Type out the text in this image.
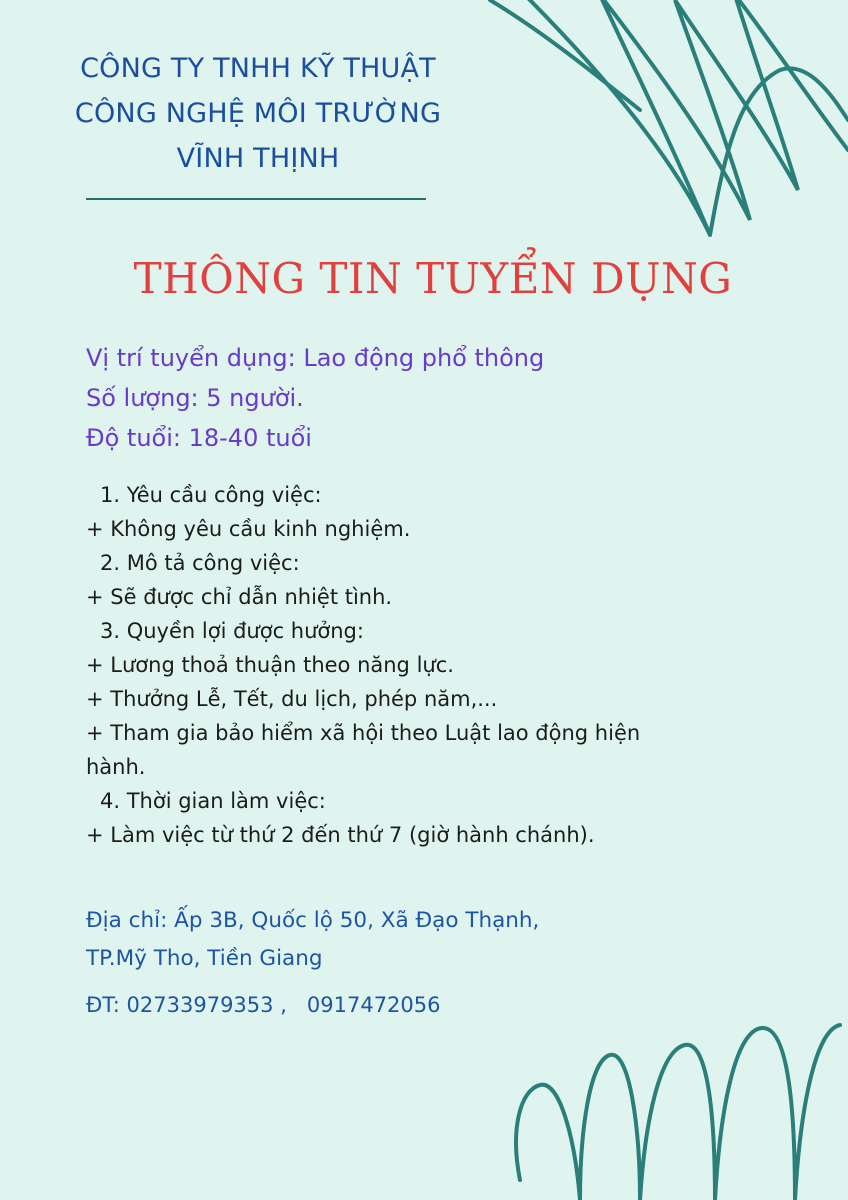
CÔNG TY TNHH KỸ THUẬT
CÔNG NGHỆ MÔI TRƯỜNG
VĨNH THỊNH
THÔNG TIN TUYỂN DỤNG
Vị trí tuyển dụng: Lao động phổ thông
Số lượng: 5 người.
Độ tuổi: 18-40 tuổi
1. Yêu cầu công việc:
+ Không yêu cầu kinh nghiệm.
2. Mô tả công việc:
+ Sẽ được chỉ dẫn nhiệt tình.
3. Quyền lợi được hưởng:
+ Lương thoả thuận theo năng lực.
+ Thưởng Lễ, Tết, du lịch, phép năm,...
+ Tham gia bảo hiểm xã hội theo Luật lao động hiện hành.
4. Thời gian làm việc:
+ Làm việc từ thứ 2 đến thứ 7 (giờ hành chánh).
Địa chỉ: Ấp 3B, Quốc lộ 50, Xã Đạo Thạnh,
TP.Mỹ Tho, Tiền Giang
ĐT: 02733979353 ,   0917472056
